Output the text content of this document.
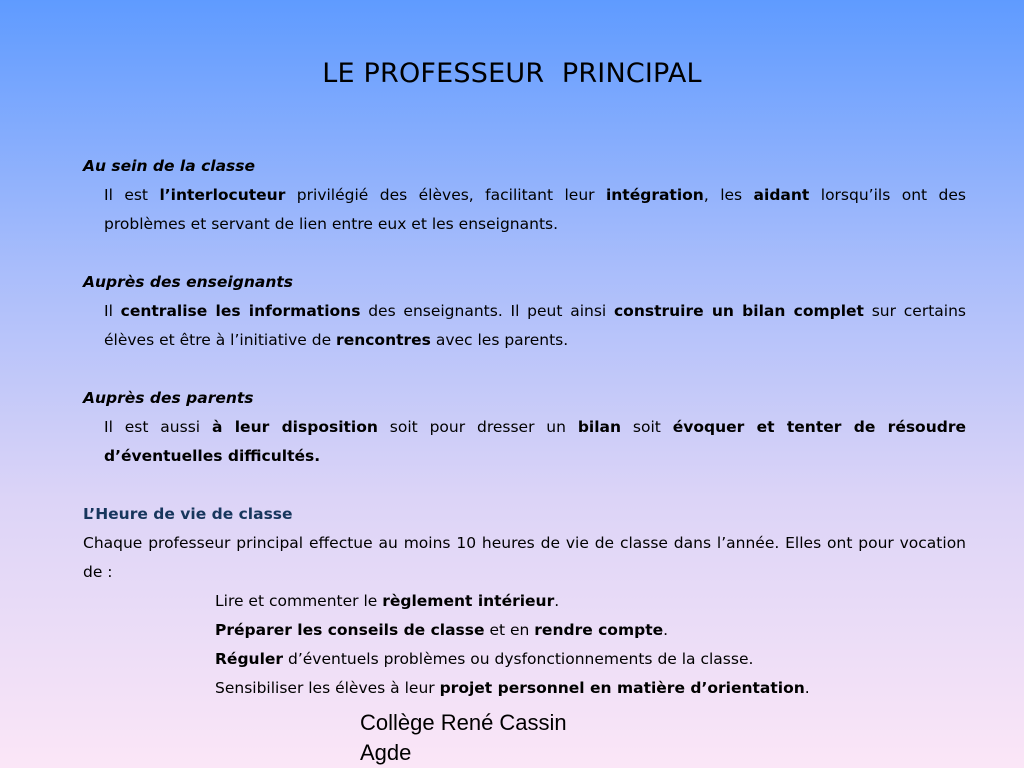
LE PROFESSEUR  PRINCIPAL
Au sein de la classe
Il est l’interlocuteur privilégié des élèves, facilitant leur intégration, les aidant lorsqu’ils ont des problèmes et servant de lien entre eux et les enseignants.
Auprès des enseignants
Il centralise les informations des enseignants. Il peut ainsi construire un bilan complet sur certains élèves et être à l’initiative de rencontres avec les parents.
Auprès des parents
Il est aussi à leur disposition soit pour dresser un bilan soit évoquer et tenter de résoudre d’éventuelles difficultés.
L’Heure de vie de classe
Chaque professeur principal effectue au moins 10 heures de vie de classe dans l’année. Elles ont pour vocation de :
Lire et commenter le règlement intérieur.
Préparer les conseils de classe et en rendre compte.
Réguler d’éventuels problèmes ou dysfonctionnements de la classe.
Sensibiliser les élèves à leur projet personnel en matière d’orientation.
Collège René Cassin
Agde
